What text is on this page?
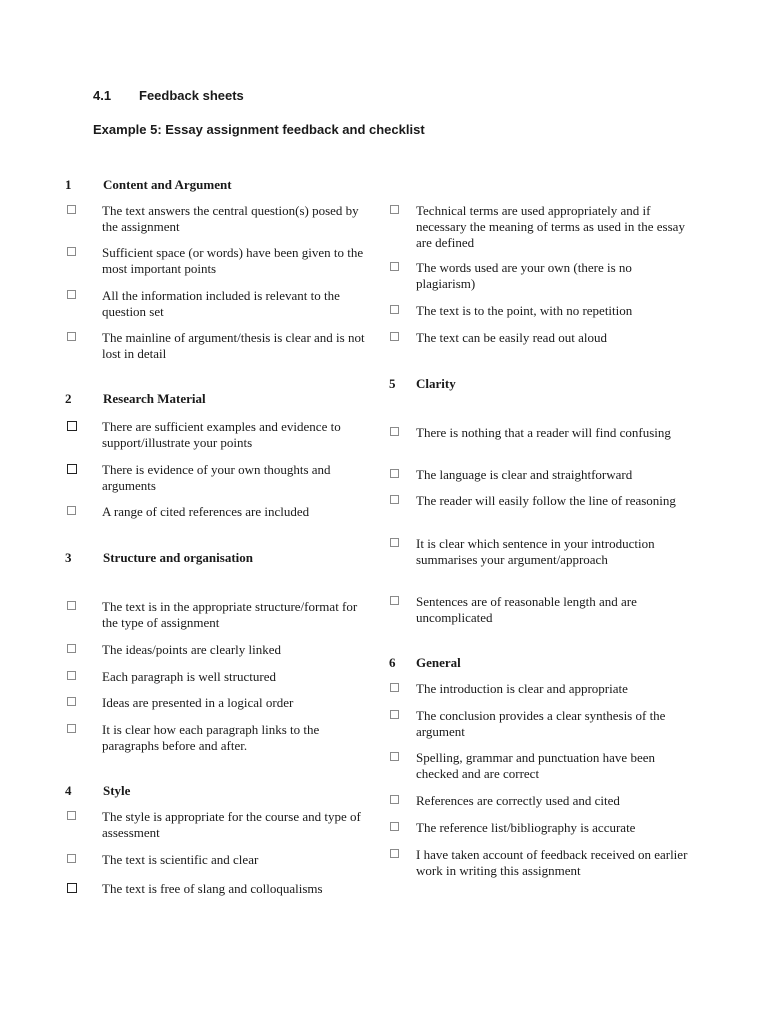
4.1 Feedback sheets
Example 5: Essay assignment feedback and checklist
1 Content and Argument
The text answers the central question(s) posed by the assignment
Sufficient space (or words) have been given to the most important points
All the information included is relevant to the question set
The mainline of argument/thesis is clear and is not lost in detail
2 Research Material
There are sufficient examples and evidence to support/illustrate your points
There is evidence of your own thoughts and arguments
A range of cited references are included
3 Structure and organisation
The text is in the appropriate structure/format for the type of assignment
The ideas/points are clearly linked
Each paragraph is well structured
Ideas are presented in a logical order
It is clear how each paragraph links to the paragraphs before and after.
4 Style
The style is appropriate for the course and type of assessment
The text is scientific and clear
The text is free of slang and colloqualisms
Technical terms are used appropriately and if necessary the meaning of terms as used in the essay are defined
The words used are your own (there is no plagiarism)
The text is to the point, with no repetition
The text can be easily read out aloud
5 Clarity
There is nothing that a reader will find confusing
The language is clear and straightforward
The reader will easily follow the line of reasoning
It is clear which sentence in your introduction summarises your argument/approach
Sentences are of reasonable length and are uncomplicated
6 General
The introduction is clear and appropriate
The conclusion provides a clear synthesis of the argument
Spelling, grammar and punctuation have been checked and are correct
References are correctly used and cited
The reference list/bibliography is accurate
I have taken account of feedback received on earlier work in writing this assignment
